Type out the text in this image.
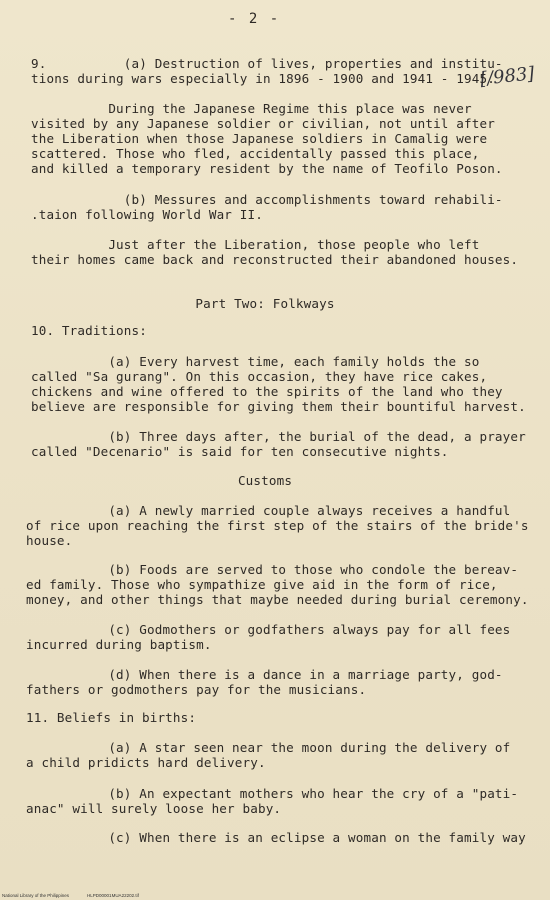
- 2 -
[/983]
9.          (a) Destruction of lives, properties and institu-
tions during wars especially in 1896 - 1900 and 1941 - 1945.
During the Japanese Regime this place was never
visited by any Japanese soldier or civilian, not until after
the Liberation when those Japanese soldiers in Camalig were
scattered. Those who fled, accidentally passed this place,
and killed a temporary resident by the name of Teofilo Poson.
(b) Messures and accomplishments toward rehabili-
.taion following World War II.
Just after the Liberation, those people who left
their homes came back and reconstructed their abandoned houses.
Part Two: Folkways
10. Traditions:
(a) Every harvest time, each family holds the so
called "Sa gurang". On this occasion, they have rice cakes,
chickens and wine offered to the spirits of the land who they
believe are responsible for giving them their bountiful harvest.
(b) Three days after, the burial of the dead, a prayer
called "Decenario" is said for ten consecutive nights.
Customs
(a) A newly married couple always receives a handful
of rice upon reaching the first step of the stairs of the bride's
house.
(b) Foods are served to those who condole the bereav-
ed family. Those who sympathize give aid in the form of rice,
money, and other things that maybe needed during burial ceremony.
(c) Godmothers or godfathers always pay for all fees
incurred during baptism.
(d) When there is a dance in a marriage party, god-
fathers or godmothers pay for the musicians.
11. Beliefs in births:
(a) A star seen near the moon during the delivery of
a child pridicts hard delivery.
(b) An expectant mothers who hear the cry of a "pati-
anac" will surely loose her baby.
(c) When there is an eclipse a woman on the family way
National Library of the Philippines	HLPD00001MUA22202.tif
